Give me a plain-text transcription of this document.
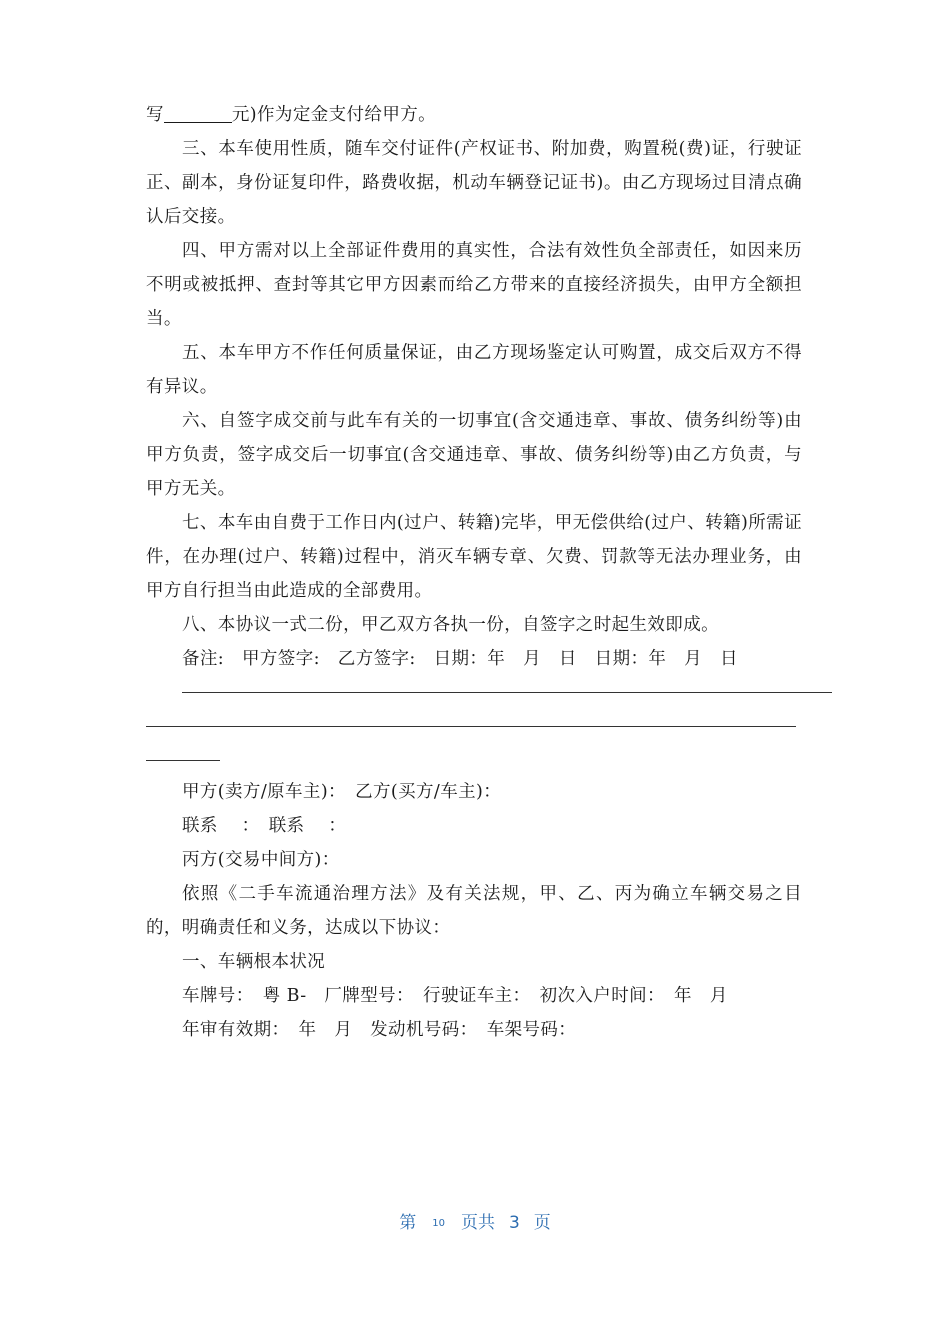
写	元)作为定金支付给甲方。

三、本车使用性质，随车交付证件(产权证书、附加费，购置税(费)证，行驶证正、副本，身份证复印件，路费收据，机动车辆登记证书)。由乙方现场过目清点确认后交接。

四、甲方需对以上全部证件费用的真实性，合法有效性负全部责任，如因来历不明或被抵押、查封等其它甲方因素而给乙方带来的直接经济损失，由甲方全额担当。

五、本车甲方不作任何质量保证，由乙方现场鉴定认可购置，成交后双方不得有异议。

六、自签字成交前与此车有关的一切事宜(含交通违章、事故、债务纠纷等)由甲方负责，签字成交后一切事宜(含交通违章、事故、债务纠纷等)由乙方负责，与甲方无关。

七、本车由自费于工作日内(过户、转籍)完毕，甲无偿供给(过户、转籍)所需证件，在办理(过户、转籍)过程中，消灭车辆专章、欠费、罚款等无法办理业务，由甲方自行担当由此造成的全部费用。

八、本协议一式二份，甲乙双方各执一份，自签字之时起生效即成。

备注:　甲方签字:　乙方签字:　日期：年　月　日　日期：年　月　日

甲方(卖方/原车主)：　乙方(买方/车主)：

联系　 ：　联系　 ：

丙方(交易中间方)：

依照《二手车流通治理方法》及有关法规，甲、乙、丙为确立车辆交易之目的，明确责任和义务，达成以下协议：

一、车辆根本状况

车牌号：　粤 B-　厂牌型号：　行驶证车主：　初次入户时间：　年　月

年审有效期：　年　月　发动机号码：　车架号码：

第 10 页共 3 页
